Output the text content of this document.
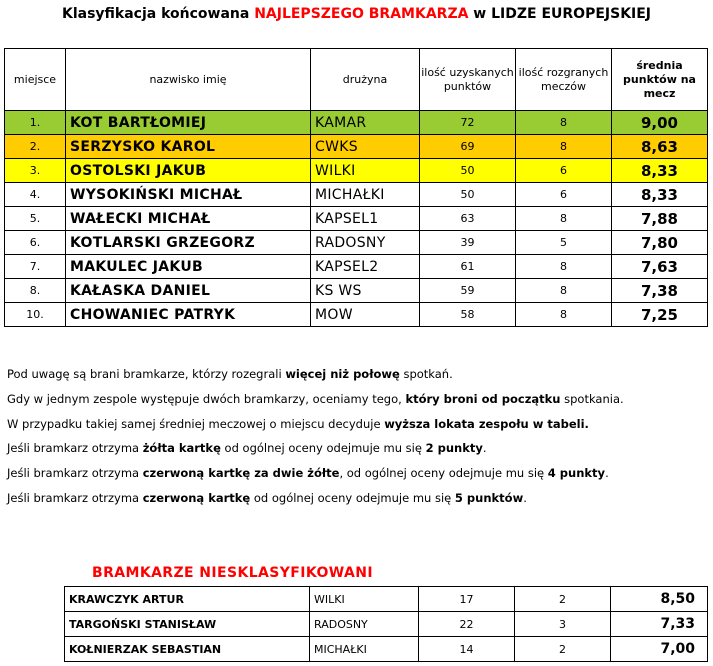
Klasyfikacja końcowana NAJLEPSZEGO BRAMKARZA w LIDZE EUROPEJSKIEJ
miejsce	nazwisko imię	drużyna	ilość uzyskanych punktów	ilość rozgranych meczów	średnia punktów na mecz
1.	KOT BARTŁOMIEJ	KAMAR	72	8	9,00
2.	SERZYSKO KAROL	CWKS	69	8	8,63
3.	OSTOLSKI JAKUB	WILKI	50	6	8,33
4.	WYSOKIŃSKI MICHAŁ	MICHAŁKI	50	6	8,33
5.	WAŁECKI MICHAŁ	KAPSEL1	63	8	7,88
6.	KOTLARSKI GRZEGORZ	RADOSNY	39	5	7,80
7.	MAKULEC JAKUB	KAPSEL2	61	8	7,63
8.	KAŁASKA DANIEL	KS WS	59	8	7,38
10.	CHOWANIEC PATRYK	MOW	58	8	7,25

Pod uwagę są brani bramkarze, którzy rozegrali więcej niż połowę spotkań.

Gdy w jednym zespole występuje dwóch bramkarzy, oceniamy tego, który broni od początku spotkania.

W przypadku takiej samej średniej meczowej o miejscu decyduje wyższa lokata zespołu w tabeli.

Jeśli bramkarz otrzyma żółta kartkę od ogólnej oceny odejmuje mu się 2 punkty.

Jeśli bramkarz otrzyma czerwoną kartkę za dwie żółte, od ogólnej oceny odejmuje mu się 4 punkty.

Jeśli bramkarz otrzyma czerwoną kartkę od ogólnej oceny odejmuje mu się 5 punktów.

BRAMKARZE NIESKLASYFIKOWANI
KRAWCZYK ARTUR	WILKI	17	2	8,50
TARGOŃSKI STANISŁAW	RADOSNY	22	3	7,33
KOŁNIERZAK SEBASTIAN	MICHAŁKI	14	2	7,00
